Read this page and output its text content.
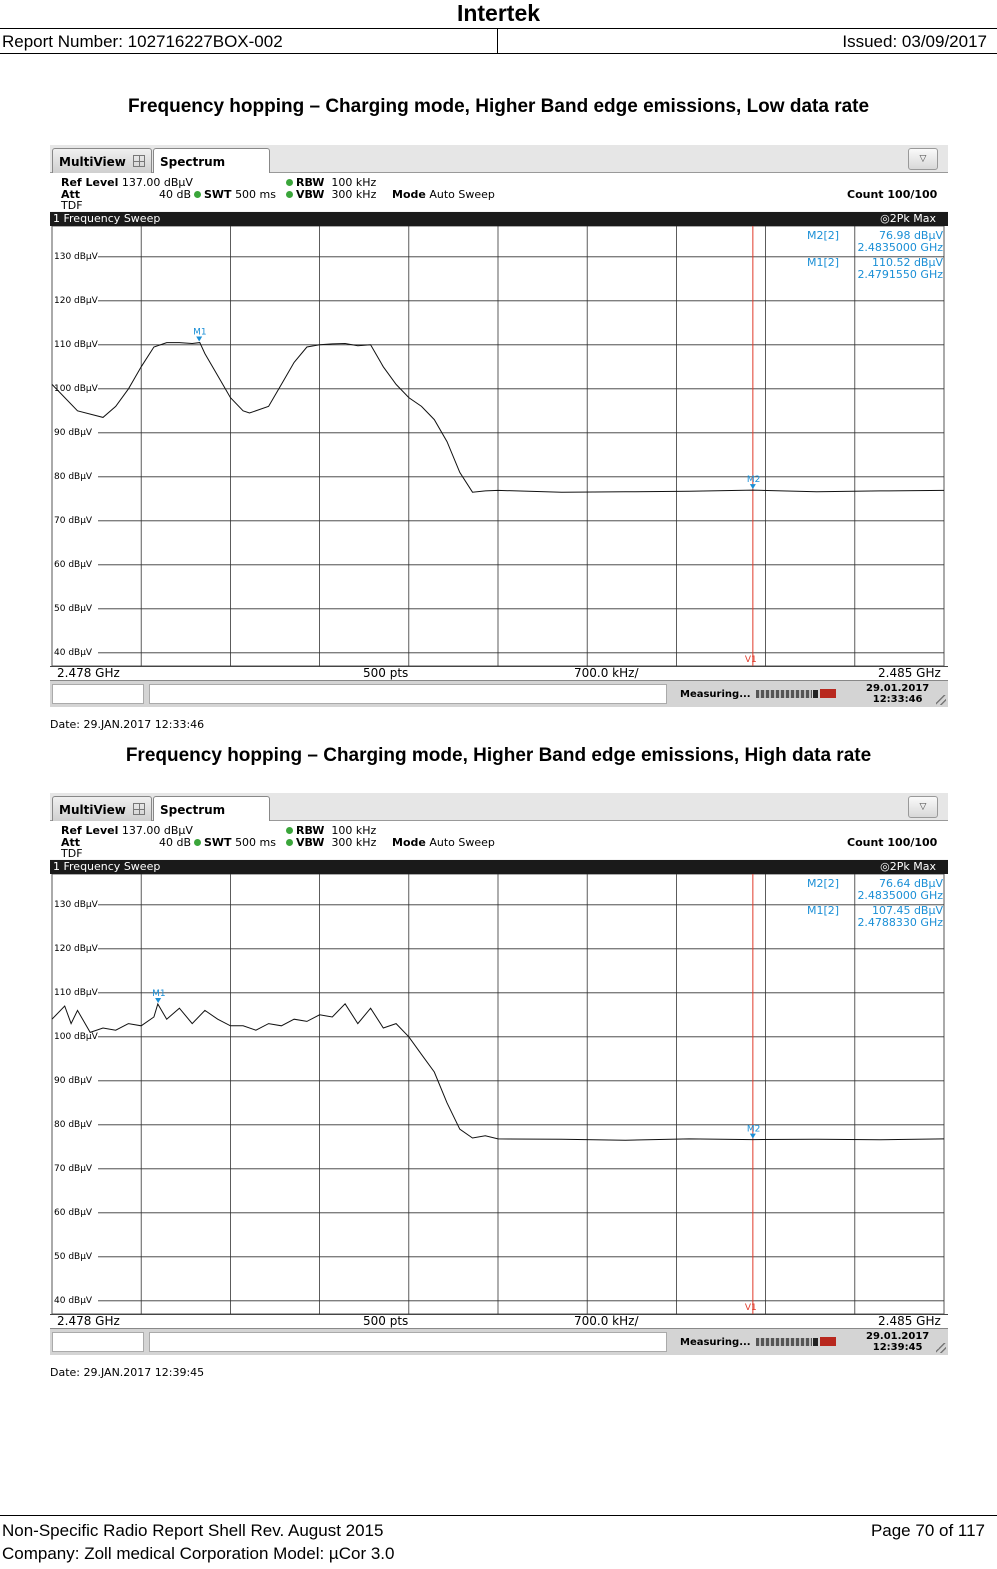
Intertek
Report Number: 102716227BOX-002	Issued: 03/09/2017
Frequency hopping – Charging mode, Higher Band edge emissions, Low data rate
MultiView	Spectrum	▽
Ref Level 137.00 dBµV
Att	40 dB	SWT 500 ms
RBW 100 kHz
VBW 300 kHz Mode Auto Sweep
TDF
Count 100/100
1 Frequency Sweep	◎2Pk Max
130 dBµV
120 dBµV
110 dBµV
100 dBµV
90 dBµV
80 dBµV
70 dBµV
60 dBµV
50 dBµV
40 dBµV
M2[2]	76.98 dBµV
2.4835000 GHz
M1[2]	110.52 dBµV
2.4791550 GHz
V1
M1
M2
2.478 GHz	500 pts	700.0 kHz/	2.485 GHz
Measuring...
29.01.2017
12:33:46
Date: 29.JAN.2017 12:33:46
Frequency hopping – Charging mode, Higher Band edge emissions, High data rate
MultiView	Spectrum	▽
Ref Level 137.00 dBµV
Att	40 dB	SWT 500 ms
RBW 100 kHz
VBW 300 kHz Mode Auto Sweep
TDF
Count 100/100
1 Frequency Sweep	◎2Pk Max
130 dBµV
120 dBµV
110 dBµV
100 dBµV
90 dBµV
80 dBµV
70 dBµV
60 dBµV
50 dBµV
40 dBµV
M2[2]	76.64 dBµV
2.4835000 GHz
M1[2]	107.45 dBµV
2.4788330 GHz
V1
M1
M2
2.478 GHz	500 pts	700.0 kHz/	2.485 GHz
Measuring...
29.01.2017
12:39:45
Date: 29.JAN.2017 12:39:45
Non-Specific Radio Report Shell Rev. August 2015	Page 70 of 117
Company: Zoll medical Corporation Model: µCor 3.0
